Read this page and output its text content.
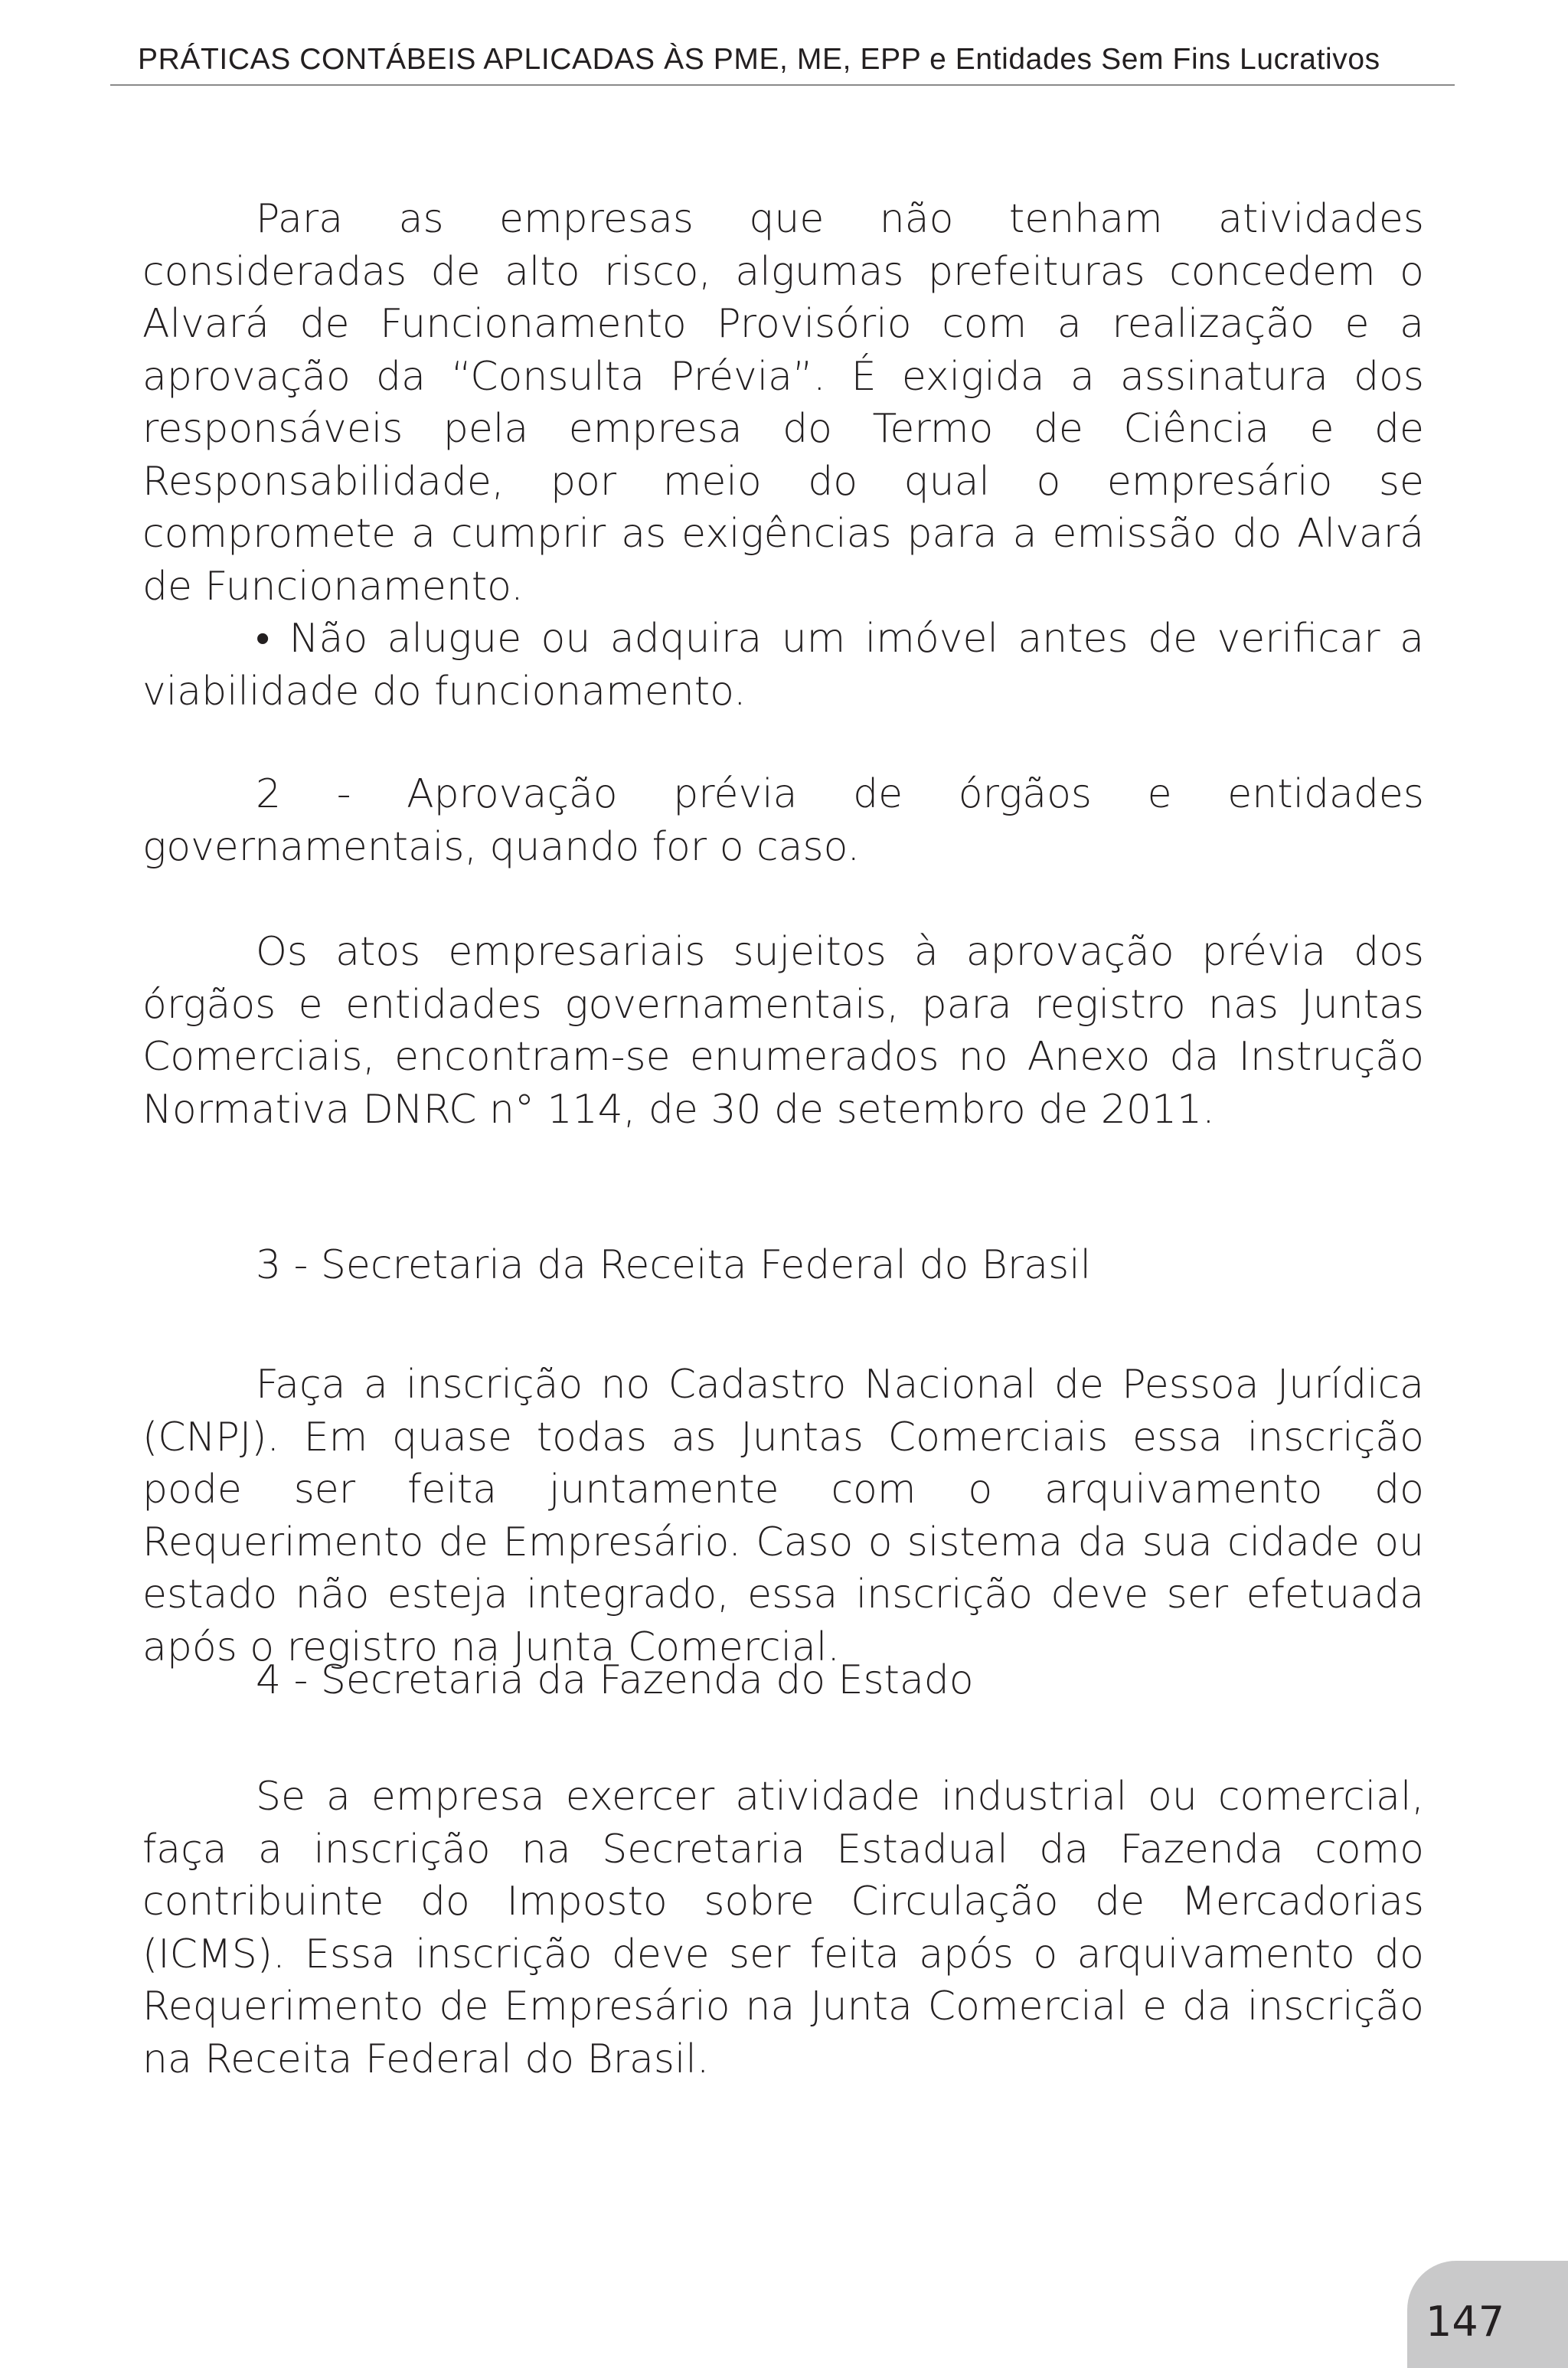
PRÁTICAS CONTÁBEIS APLICADAS ÀS PME, ME, EPP e Entidades Sem Fins Lucrativos

Para as empresas que não tenham atividades consideradas de alto risco, algumas prefeituras concedem o Alvará de Funcionamento Provisório com a realização e a aprovação da “Consulta Prévia”. É exigida a assinatura dos responsáveis pela empresa do Termo de Ciência e de Responsabilidade, por meio do qual o empresário se compromete a cumprir as exigências para a emissão do Alvará de Funcionamento.

• Não alugue ou adquira um imóvel antes de verificar a viabilidade do funcionamento.

2 - Aprovação prévia de órgãos e entidades governamentais, quando for o caso.

Os atos empresariais sujeitos à aprovação prévia dos órgãos e entidades governamentais, para registro nas Juntas Comerciais, encontram-se enumerados no Anexo da Instrução Normativa DNRC n° 114, de 30 de setembro de 2011.

3 - Secretaria da Receita Federal do Brasil

Faça a inscrição no Cadastro Nacional de Pessoa Jurídica (CNPJ). Em quase todas as Juntas Comerciais essa inscrição pode ser feita juntamente com o arquivamento do Requerimento de Empresário. Caso o sistema da sua cidade ou estado não esteja integrado, essa inscrição deve ser efetuada após o registro na Junta Comercial.

4 - Secretaria da Fazenda do Estado

Se a empresa exercer atividade industrial ou comercial, faça a inscrição na Secretaria Estadual da Fazenda como contribuinte do Imposto sobre Circulação de Mercadorias (ICMS). Essa inscrição deve ser feita após o arquivamento do Requerimento de Empresário na Junta Comercial e da inscrição na Receita Federal do Brasil.

147
